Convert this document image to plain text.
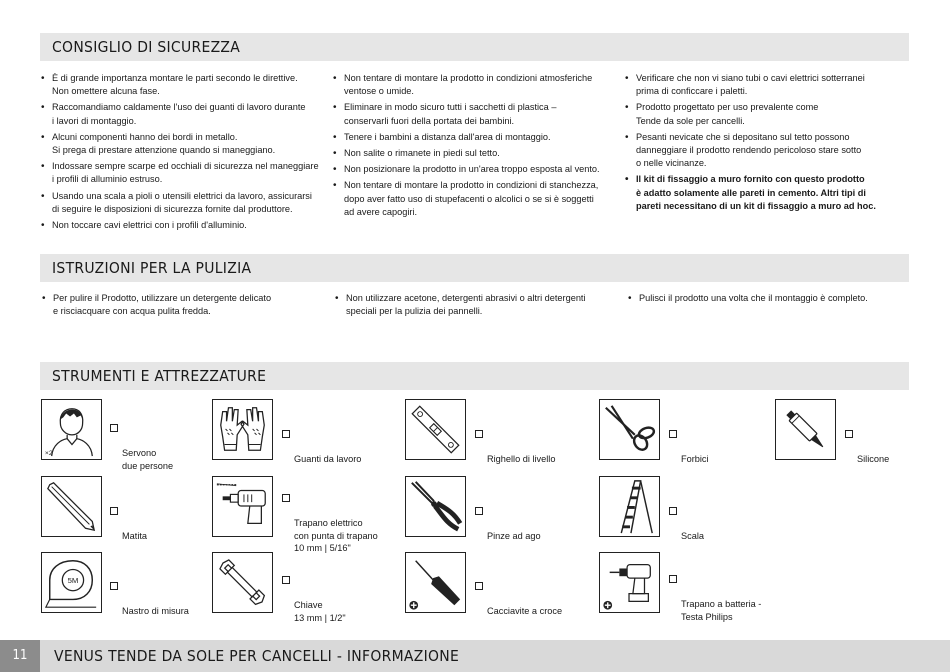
CONSIGLIO DI SICUREZZA
• È di grande importanza montare le parti secondo le direttive.
Non omettere alcuna fase.
• Raccomandiamo caldamente l'uso dei guanti di lavoro durante
i lavori di montaggio.
• Alcuni componenti hanno dei bordi in metallo.
Si prega di prestare attenzione quando si maneggiano.
• Indossare sempre scarpe ed occhiali di sicurezza nel maneggiare
i profili di alluminio estruso.
• Usando una scala a pioli o utensili elettrici da lavoro, assicurarsi
di seguire le disposizioni di sicurezza fornite dal produttore.
• Non toccare cavi elettrici con i profili d'alluminio.
• Non tentare di montare la prodotto in condizioni atmosferiche
ventose o umide.
• Eliminare in modo sicuro tutti i sacchetti di plastica –
conservarli fuori della portata dei bambini.
• Tenere i bambini a distanza dall'area di montaggio.
• Non salite o rimanete in piedi sul tetto.
• Non posizionare la prodotto in un'area troppo esposta al vento.
• Non tentare di montare la prodotto in condizioni di stanchezza,
dopo aver fatto uso di stupefacenti o alcolici o se si è soggetti
ad avere capogiri.
• Verificare che non vi siano tubi o cavi elettrici sotterranei
prima di conficcare i paletti.
• Prodotto progettato per uso prevalente come
Tende da sole per cancelli.
• Pesanti nevicate che si depositano sul tetto possono
danneggiare il prodotto rendendo pericoloso stare sotto
o nelle vicinanze.
• Il kit di fissaggio a muro fornito con questo prodotto
è adatto solamente alle pareti in cemento. Altri tipi di
pareti necessitano di un kit di fissaggio a muro ad hoc.
ISTRUZIONI PER LA PULIZIA
• Per pulire il Prodotto, utilizzare un detergente delicato
e risciacquare con acqua pulita fredda.
• Non utilizzare acetone, detergenti abrasivi o altri detergenti
speciali per la pulizia dei pannelli.
• Pulisci il prodotto una volta che il montaggio è completo.
STRUMENTI E ATTREZZATURE
×2	Servono
due persone

Guanti da lavoro	Righello di livello	Forbici	Silicone

Matita

Trapano elettrico
con punta di trapano
10 mm | 5/16"

Pinze ad ago	Scala

5M

Nastro di misura

Chiave
13 mm | 1/2"

Cacciavite a croce

Trapano a batteria -
Testa Philips

11	VENUS TENDE DA SOLE PER CANCELLI - INFORMAZIONE
